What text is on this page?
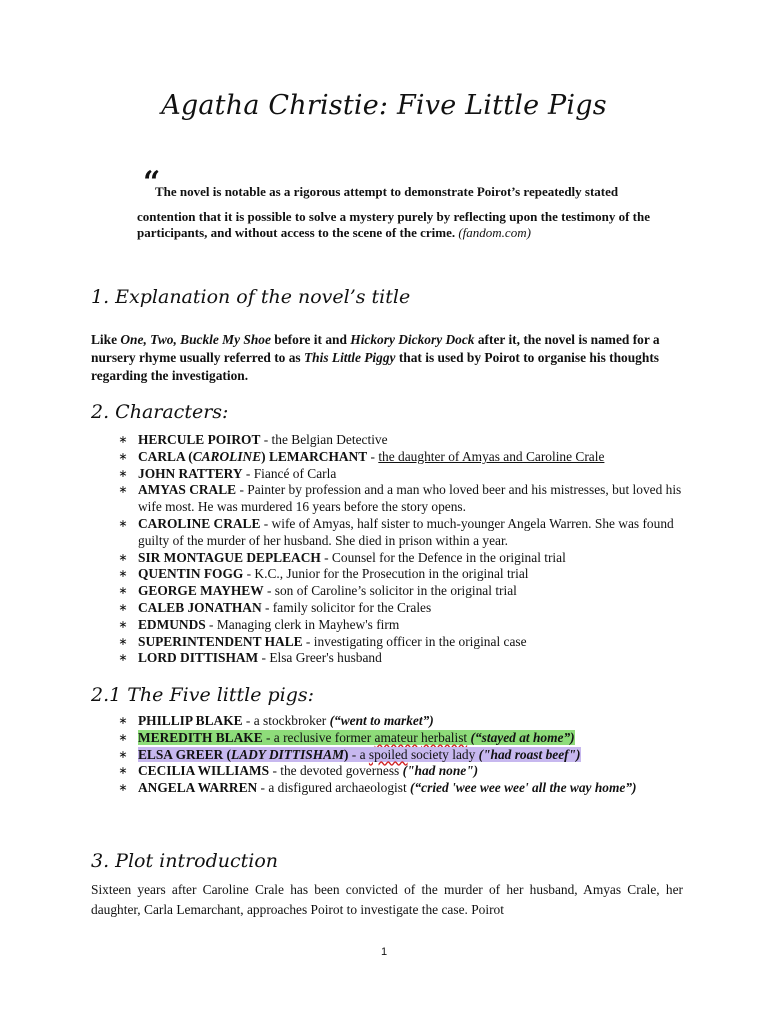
Agatha Christie: Five Little Pigs
“

The novel is notable as a rigorous attempt to demonstrate Poirot’s repeatedly stated
contention that it is possible to solve a mystery purely by reflecting upon the testimony of the participants, and without access to the scene of the crime. (fandom.com)

1. Explanation of the novel’s title

Like One, Two, Buckle My Shoe before it and Hickory Dickory Dock after it, the novel is named for a nursery rhyme usually referred to as This Little Piggy that is used by Poirot to organise his thoughts regarding the investigation.

2. Characters:
∗ HERCULE POIROT - the Belgian Detective
∗ CARLA (CAROLINE) LEMARCHANT - the daughter of Amyas and Caroline Crale
∗ JOHN RATTERY - Fiancé of Carla
∗ AMYAS CRALE - Painter by profession and a man who loved beer and his mistresses, but loved his wife most. He was murdered 16 years before the story opens.
∗ CAROLINE CRALE - wife of Amyas, half sister to much-younger Angela Warren. She was found guilty of the murder of her husband. She died in prison within a year.
∗ SIR MONTAGUE DEPLEACH - Counsel for the Defence in the original trial
∗ QUENTIN FOGG - K.C., Junior for the Prosecution in the original trial
∗ GEORGE MAYHEW - son of Caroline’s solicitor in the original trial
∗ CALEB JONATHAN - family solicitor for the Crales
∗ EDMUNDS - Managing clerk in Mayhew's firm
∗ SUPERINTENDENT HALE - investigating officer in the original case
∗ LORD DITTISHAM - Elsa Greer's husband
2.1 The Five little pigs:
∗ PHILLIP BLAKE - a stockbroker (“went to market”)
∗ MEREDITH BLAKE - a reclusive former amateur herbalist (“stayed at home”)
∗ ELSA GREER (LADY DITTISHAM) - a spoiled society lady ("had roast beef")
∗ CECILIA WILLIAMS - the devoted governess ("had none")
∗ ANGELA WARREN - a disfigured archaeologist (“cried 'wee wee wee' all the way home”)
3. Plot introduction

Sixteen years after Caroline Crale has been convicted of the murder of her husband, Amyas Crale, her daughter, Carla Lemarchant, approaches Poirot to investigate the case. Poirot

1
